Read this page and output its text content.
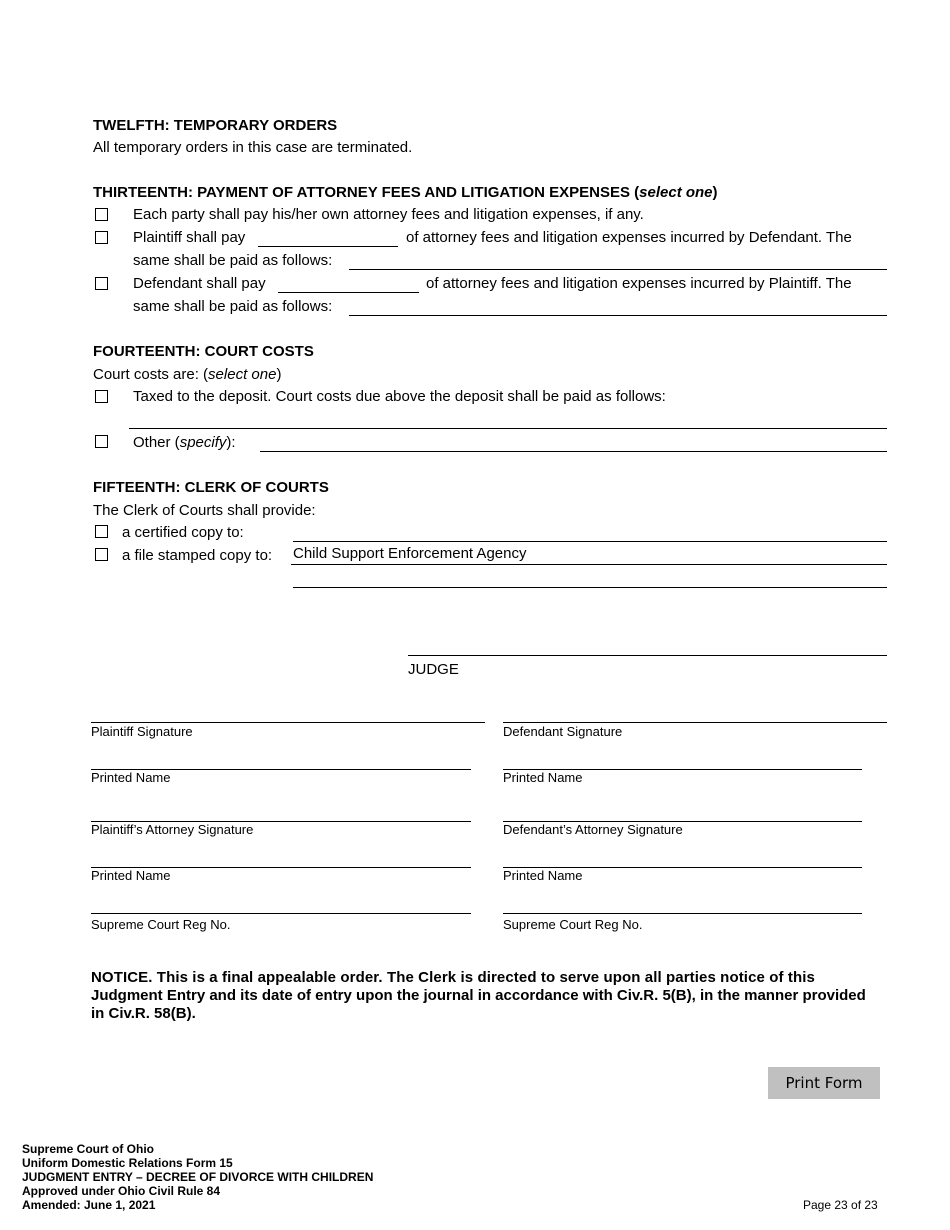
TWELFTH: TEMPORARY ORDERS
All temporary orders in this case are terminated.
THIRTEENTH: PAYMENT OF ATTORNEY FEES AND LITIGATION EXPENSES (select one)
Each party shall pay his/her own attorney fees and litigation expenses, if any.
Plaintiff shall pay	of attorney fees and litigation expenses incurred by Defendant. The
same shall be paid as follows:
Defendant shall pay	of attorney fees and litigation expenses incurred by Plaintiff. The
same shall be paid as follows:
FOURTEENTH: COURT COSTS
Court costs are: (select one)
Taxed to the deposit. Court costs due above the deposit shall be paid as follows:
Other (specify):
FIFTEENTH: CLERK OF COURTS
The Clerk of Courts shall provide:
a certified copy to:
a file stamped copy to: Child Support Enforcement Agency
JUDGE
Plaintiff Signature
Printed Name
Plaintiff’s Attorney Signature
Printed Name
Supreme Court Reg No.
Defendant Signature
Printed Name
Defendant’s Attorney Signature
Printed Name
Supreme Court Reg No.
NOTICE. This is a final appealable order. The Clerk is directed to serve upon all parties notice of this
Judgment Entry and its date of entry upon the journal in accordance with Civ.R. 5(B), in the manner provided
in Civ.R. 58(B).
Print Form
Supreme Court of Ohio
Uniform Domestic Relations Form 15
JUDGMENT ENTRY – DECREE OF DIVORCE WITH CHILDREN
Approved under Ohio Civil Rule 84
Amended: June 1, 2021	Page 23 of 23
